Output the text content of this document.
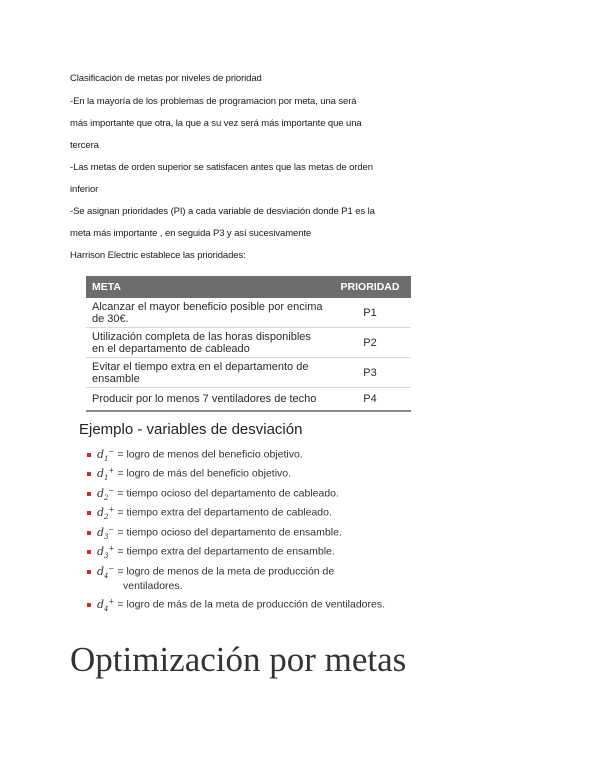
Clasificación de metas por niveles de prioridad
-En la mayoría de los problemas de programacion por meta, una será
más importante que otra, la que a su vez será más importante que una
tercera
-Las metas de orden superior se satisfacen antes que las metas de orden
inferior
-Se asignan prioridades (PI) a cada variable de desviación donde P1 es la
meta más importante , en seguida P3 y así sucesivamente
Harrison Electric establece las prioridades:
META	PRIORIDAD
Alcanzar el mayor beneficio posible por encima de 30€.	P1
Utilización completa de las horas disponibles en el departamento de cableado	P2
Evitar el tiempo extra en el departamento de ensamble	P3
Producir por lo menos 7 ventiladores de techo	P4
Ejemplo - variables de desviación
$d_1^-$ = logro de menos del beneficio objetivo.
$d_1^+$ = logro de más del beneficio objetivo.
$d_2^-$ = tiempo ocioso del departamento de cableado.
$d_2^+$ = tiempo extra del departamento de cableado.
$d_3^-$ = tiempo ocioso del departamento de ensamble.
$d_3^+$ = tiempo extra del departamento de ensamble.
$d_4^-$ = logro de menos de la meta de producción de
ventiladores.
$d_4^+$ = logro de más de la meta de producción de ventiladores.
Optimización por metas
